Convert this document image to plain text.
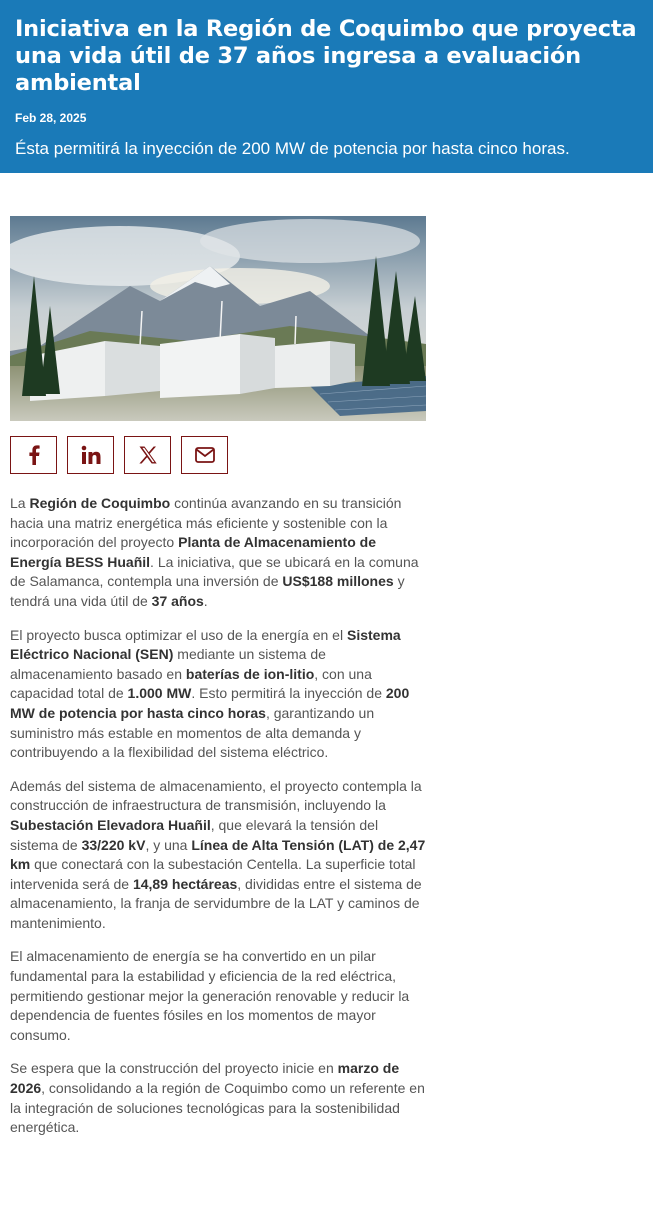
Iniciativa en la Región de Coquimbo que proyecta una vida útil de 37 años ingresa a evaluación ambiental
Feb 28, 2025
Ésta permitirá la inyección de 200 MW de potencia por hasta cinco horas.

La Región de Coquimbo continúa avanzando en su transición hacia una matriz energética más eficiente y sostenible con la incorporación del proyecto Planta de Almacenamiento de Energía BESS Huañil. La iniciativa, que se ubicará en la comuna de Salamanca, contempla una inversión de US$188 millones y tendrá una vida útil de 37 años.

El proyecto busca optimizar el uso de la energía en el Sistema Eléctrico Nacional (SEN) mediante un sistema de almacenamiento basado en baterías de ion-litio, con una capacidad total de 1.000 MW. Esto permitirá la inyección de 200 MW de potencia por hasta cinco horas, garantizando un suministro más estable en momentos de alta demanda y contribuyendo a la flexibilidad del sistema eléctrico.

Además del sistema de almacenamiento, el proyecto contempla la construcción de infraestructura de transmisión, incluyendo la Subestación Elevadora Huañil, que elevará la tensión del sistema de 33/220 kV, y una Línea de Alta Tensión (LAT) de 2,47 km que conectará con la subestación Centella. La superficie total intervenida será de 14,89 hectáreas, divididas entre el sistema de almacenamiento, la franja de servidumbre de la LAT y caminos de mantenimiento.

El almacenamiento de energía se ha convertido en un pilar fundamental para la estabilidad y eficiencia de la red eléctrica, permitiendo gestionar mejor la generación renovable y reducir la dependencia de fuentes fósiles en los momentos de mayor consumo.

Se espera que la construcción del proyecto inicie en marzo de 2026, consolidando a la región de Coquimbo como un referente en la integración de soluciones tecnológicas para la sostenibilidad energética.
